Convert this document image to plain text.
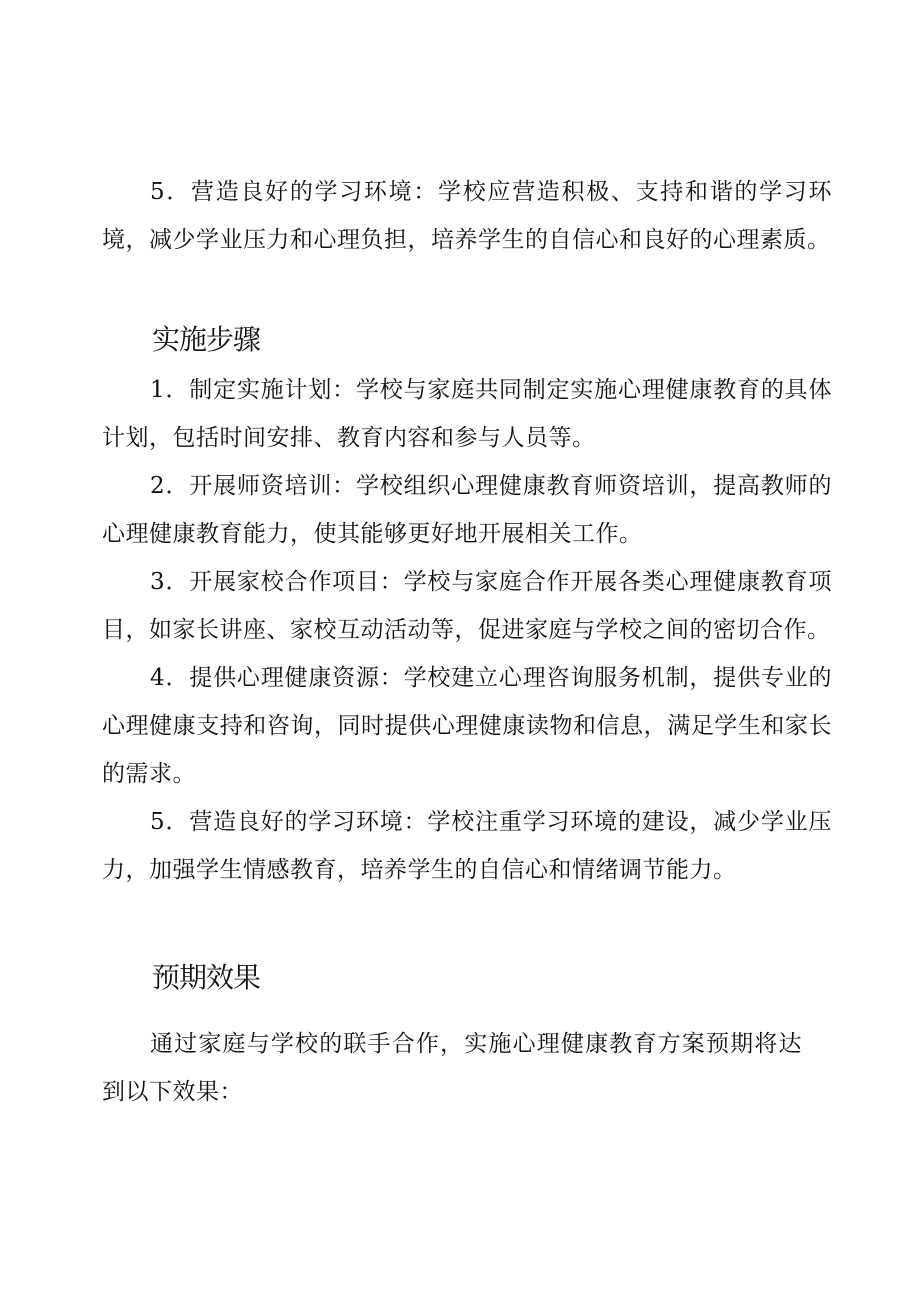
5．营造良好的学习环境：学校应营造积极、支持和谐的学习环境，减少学业压力和心理负担，培养学生的自信心和良好的心理素质。

实施步骤

1．制定实施计划：学校与家庭共同制定实施心理健康教育的具体计划，包括时间安排、教育内容和参与人员等。

2．开展师资培训：学校组织心理健康教育师资培训，提高教师的心理健康教育能力，使其能够更好地开展相关工作。

3．开展家校合作项目：学校与家庭合作开展各类心理健康教育项目，如家长讲座、家校互动活动等，促进家庭与学校之间的密切合作。

4．提供心理健康资源：学校建立心理咨询服务机制，提供专业的心理健康支持和咨询，同时提供心理健康读物和信息，满足学生和家长的需求。

5．营造良好的学习环境：学校注重学习环境的建设，减少学业压力，加强学生情感教育，培养学生的自信心和情绪调节能力。

预期效果

通过家庭与学校的联手合作，实施心理健康教育方案预期将达到以下效果：
